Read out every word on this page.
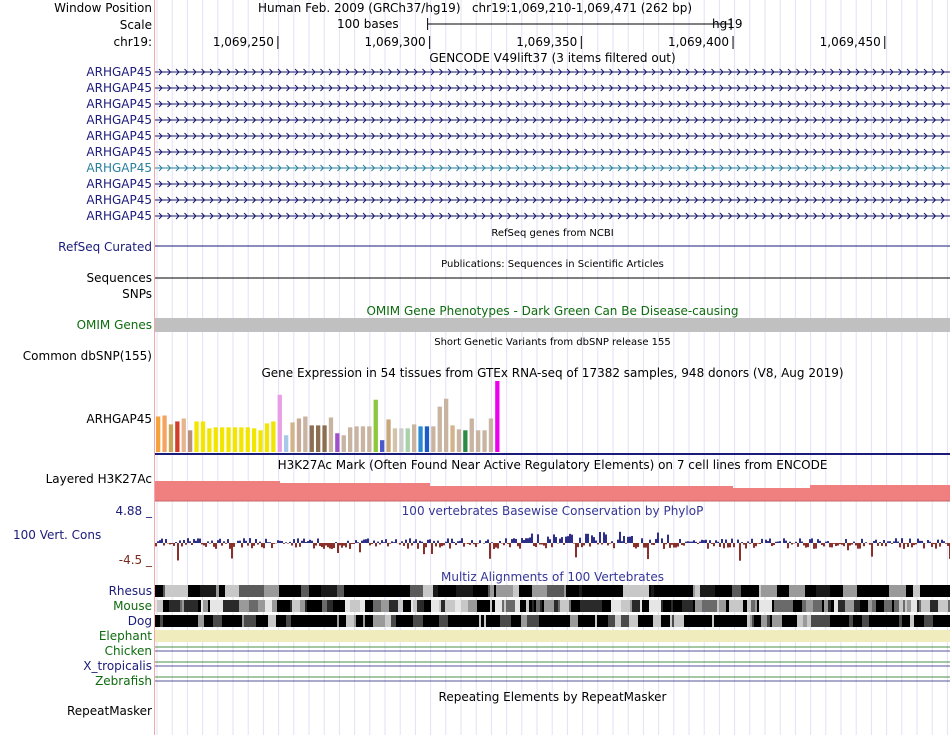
Window Position
Scale
chr19:
ARHGAP45
ARHGAP45
ARHGAP45
ARHGAP45
ARHGAP45
ARHGAP45
ARHGAP45
ARHGAP45
ARHGAP45
ARHGAP45
RefSeq Curated
Sequences
SNPs
OMIM Genes
Common dbSNP(155)
ARHGAP45
Layered H3K27Ac
4.88 _
100 Vert. Cons
-4.5 _
Rhesus
Mouse
Dog
Elephant
Chicken
X_tropicalis
Zebrafish
RepeatMasker
1,069,250	1,069,300	1,069,350	1,069,400	1,069,450
Human Feb. 2009 (GRCh37/hg19) chr19:1,069,210-1,069,471 (262 bp)
100 bases	hg19
GENCODE V49lift37 (3 items filtered out)
RefSeq genes from NCBI
Publications: Sequences in Scientific Articles
OMIM Gene Phenotypes - Dark Green Can Be Disease-causing
Short Genetic Variants from dbSNP release 155
Gene Expression in 54 tissues from GTEx RNA-seq of 17382 samples, 948 donors (V8, Aug 2019)
H3K27Ac Mark (Often Found Near Active Regulatory Elements) on 7 cell lines from ENCODE
100 vertebrates Basewise Conservation by PhyloP
Multiz Alignments of 100 Vertebrates
Repeating Elements by RepeatMasker
